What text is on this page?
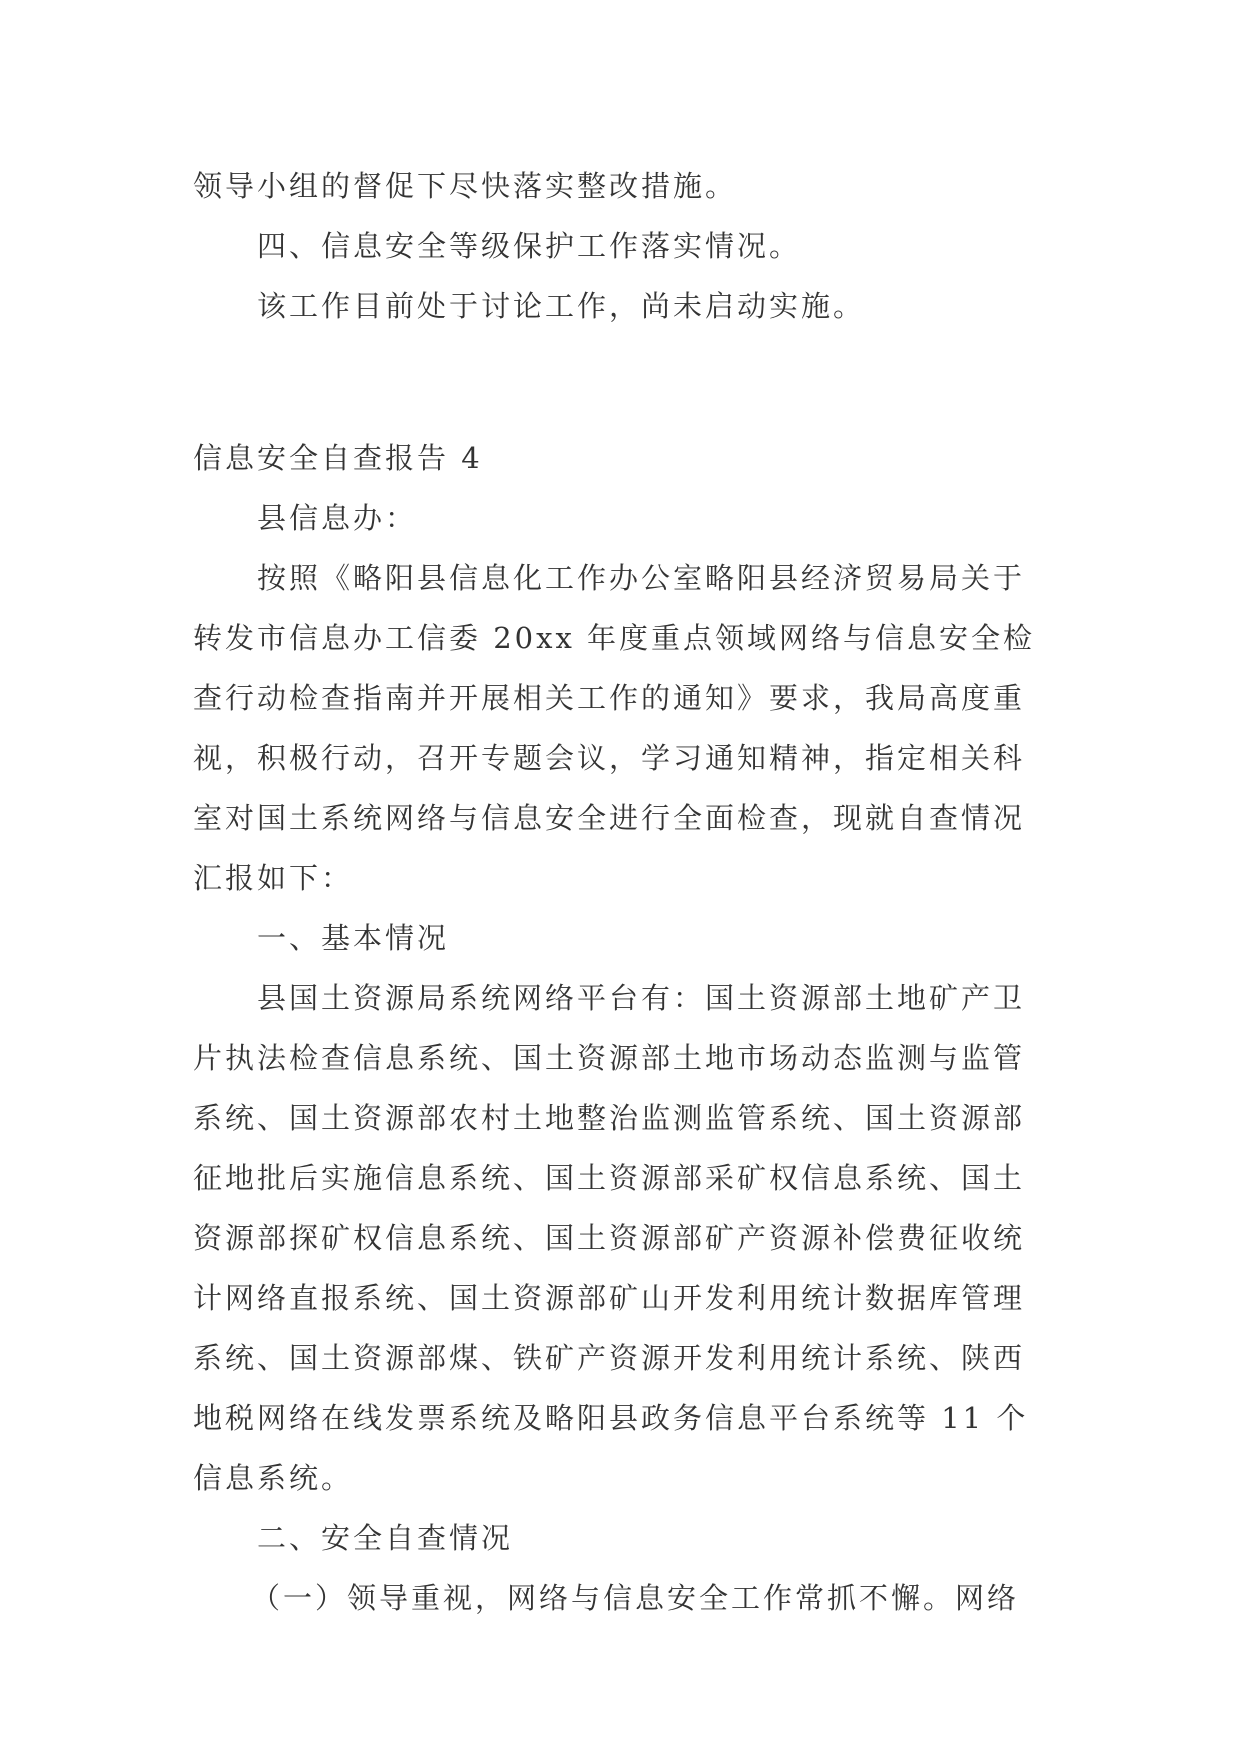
领导小组的督促下尽快落实整改措施。
四、信息安全等级保护工作落实情况。
该工作目前处于讨论工作，尚未启动实施。
信息安全自查报告 4
县信息办：
按照《略阳县信息化工作办公室略阳县经济贸易局关于
转发市信息办工信委 20xx 年度重点领域网络与信息安全检
查行动检查指南并开展相关工作的通知》要求，我局高度重
视，积极行动，召开专题会议，学习通知精神，指定相关科
室对国土系统网络与信息安全进行全面检查，现就自查情况
汇报如下：
一、基本情况
县国土资源局系统网络平台有：国土资源部土地矿产卫
片执法检查信息系统、国土资源部土地市场动态监测与监管
系统、国土资源部农村土地整治监测监管系统、国土资源部
征地批后实施信息系统、国土资源部采矿权信息系统、国土
资源部探矿权信息系统、国土资源部矿产资源补偿费征收统
计网络直报系统、国土资源部矿山开发利用统计数据库管理
系统、国土资源部煤、铁矿产资源开发利用统计系统、陕西
地税网络在线发票系统及略阳县政务信息平台系统等 11 个
信息系统。
二、安全自查情况
（一）领导重视，网络与信息安全工作常抓不懈。网络
